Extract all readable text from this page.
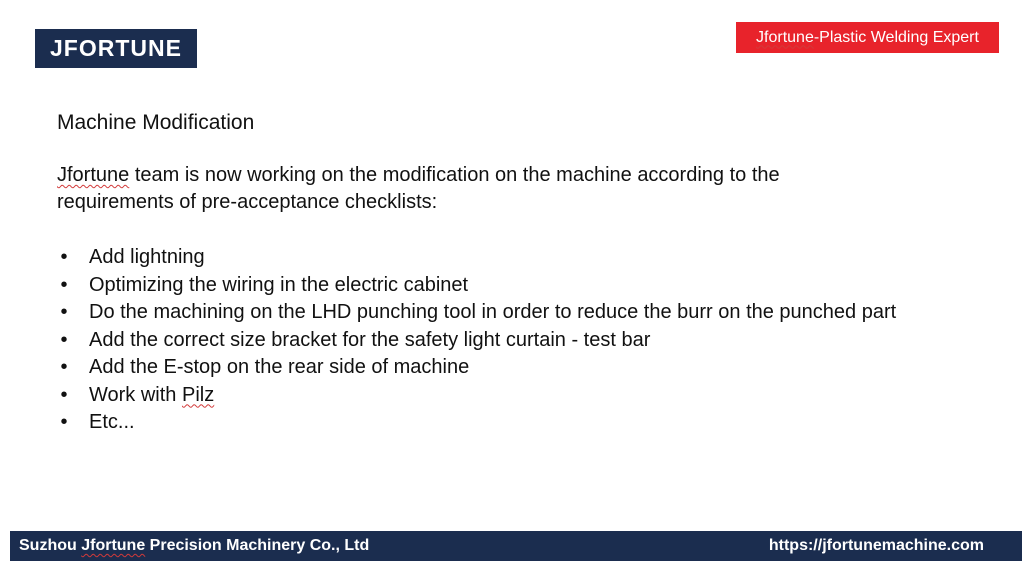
JFORTUNE	Jfortune -Plastic Welding Expert
Machine Modification
Jfortune team is now working on the modification on the machine according to the requirements of pre-acceptance checklists:
• Add lightning
• Optimizing the wiring in the electric cabinet
• Do the machining on the LHD punching tool in order to reduce the burr on the punched part
• Add the correct size bracket for the safety light curtain - test bar
• Add the E-stop on the rear side of machine
• Work with Pilz
• Etc...
Suzhou Jfortune Precision Machinery Co., Ltd	https://jfortunemachine.com
